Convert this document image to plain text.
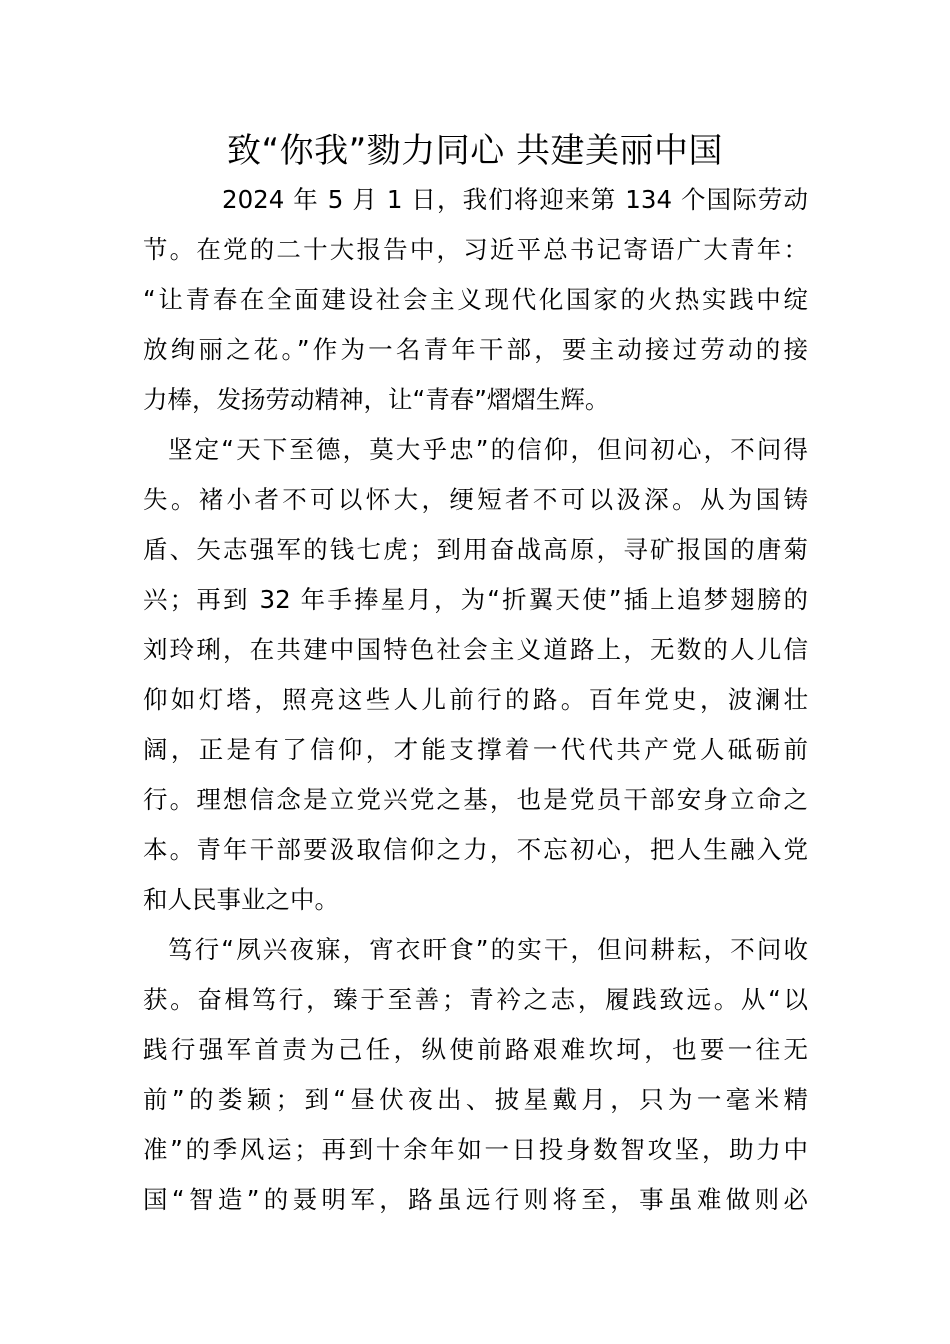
致“你我”勠力同心 共建美丽中国

2024 年 5 月 1 日，我们将迎来第 134 个国际劳动

节。在党的二十大报告中，习近平总书记寄语广大青年：

“让青春在全面建设社会主义现代化国家的火热实践中绽

放绚丽之花。”作为一名青年干部，要主动接过劳动的接

力棒，发扬劳动精神，让“青春”熠熠生辉。

坚定“天下至德，莫大乎忠”的信仰，但问初心，不问得

失。褚小者不可以怀大，绠短者不可以汲深。从为国铸

盾、矢志强军的钱七虎；到用奋战高原，寻矿报国的唐菊

兴；再到 32 年手捧星月，为“折翼天使”插上追梦翅膀的

刘玲琍，在共建中国特色社会主义道路上，无数的人儿信

仰如灯塔，照亮这些人儿前行的路。百年党史，波澜壮

阔，正是有了信仰，才能支撑着一代代共产党人砥砺前

行。理想信念是立党兴党之基，也是党员干部安身立命之

本。青年干部要汲取信仰之力，不忘初心，把人生融入党

和人民事业之中。

笃行“夙兴夜寐，宵衣旰食”的实干，但问耕耘，不问收

获。奋楫笃行，臻于至善；青衿之志，履践致远。从“以

践行强军首责为己任，纵使前路艰难坎坷，也要一往无

前”的娄颖；到“昼伏夜出、披星戴月，只为一毫米精

准”的季风运；再到十余年如一日投身数智攻坚，助力中

国“智造”的聂明军，路虽远行则将至，事虽难做则必
